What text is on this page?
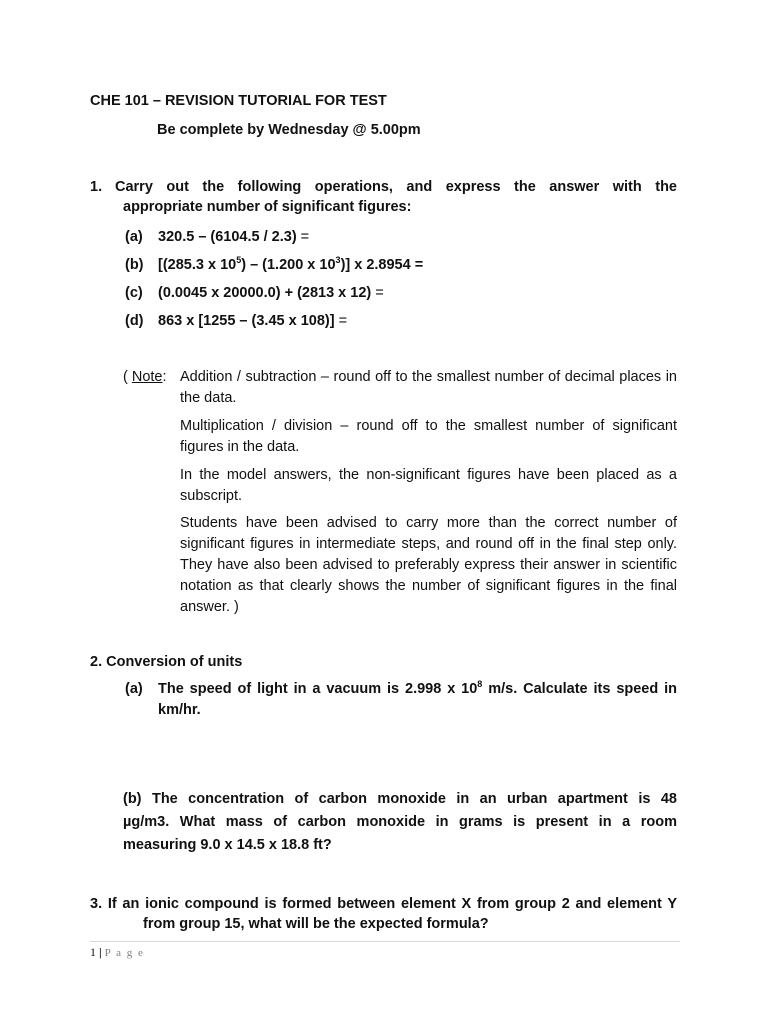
CHE 101 – REVISION TUTORIAL FOR TEST
Be complete by Wednesday @ 5.00pm
1. Carry out the following operations, and express the answer with the
appropriate number of significant figures:
(a) 320.5 – (6104.5 / 2.3) =
(b) [(285.3 x $10^5) - (1.200$ x $10^3$)] x 2.8954 =
(c) (0.0045 x 20000.0) + (2813 x 12) =
(d) 863 x [1255 – (3.45 x 108)] =
( Note: Addition / subtraction – round off to the smallest number of decimal places in the data.
Multiplication / division – round off to the smallest number of significant figures in the data.
In the model answers, the non-significant figures have been placed as a subscript.
Students have been advised to carry more than the correct number of significant figures in intermediate steps, and round off in the final step only. They have also been advised to preferably express their answer in scientific notation as that clearly shows the number of significant figures in the final answer. )
2. Conversion of units
(a) The speed of light in a vacuum is 2.998 x $10^8$ m/s. Calculate its speed in
km/hr.
(b) The concentration of carbon monoxide in an urban apartment is 48
µg/m3. What mass of carbon monoxide in grams is present in a room
measuring 9.0 x 14.5 x 18.8 ft?
3. If an ionic compound is formed between element X from group 2 and element Y
from group 15, what will be the expected formula?
1 | P a g e
